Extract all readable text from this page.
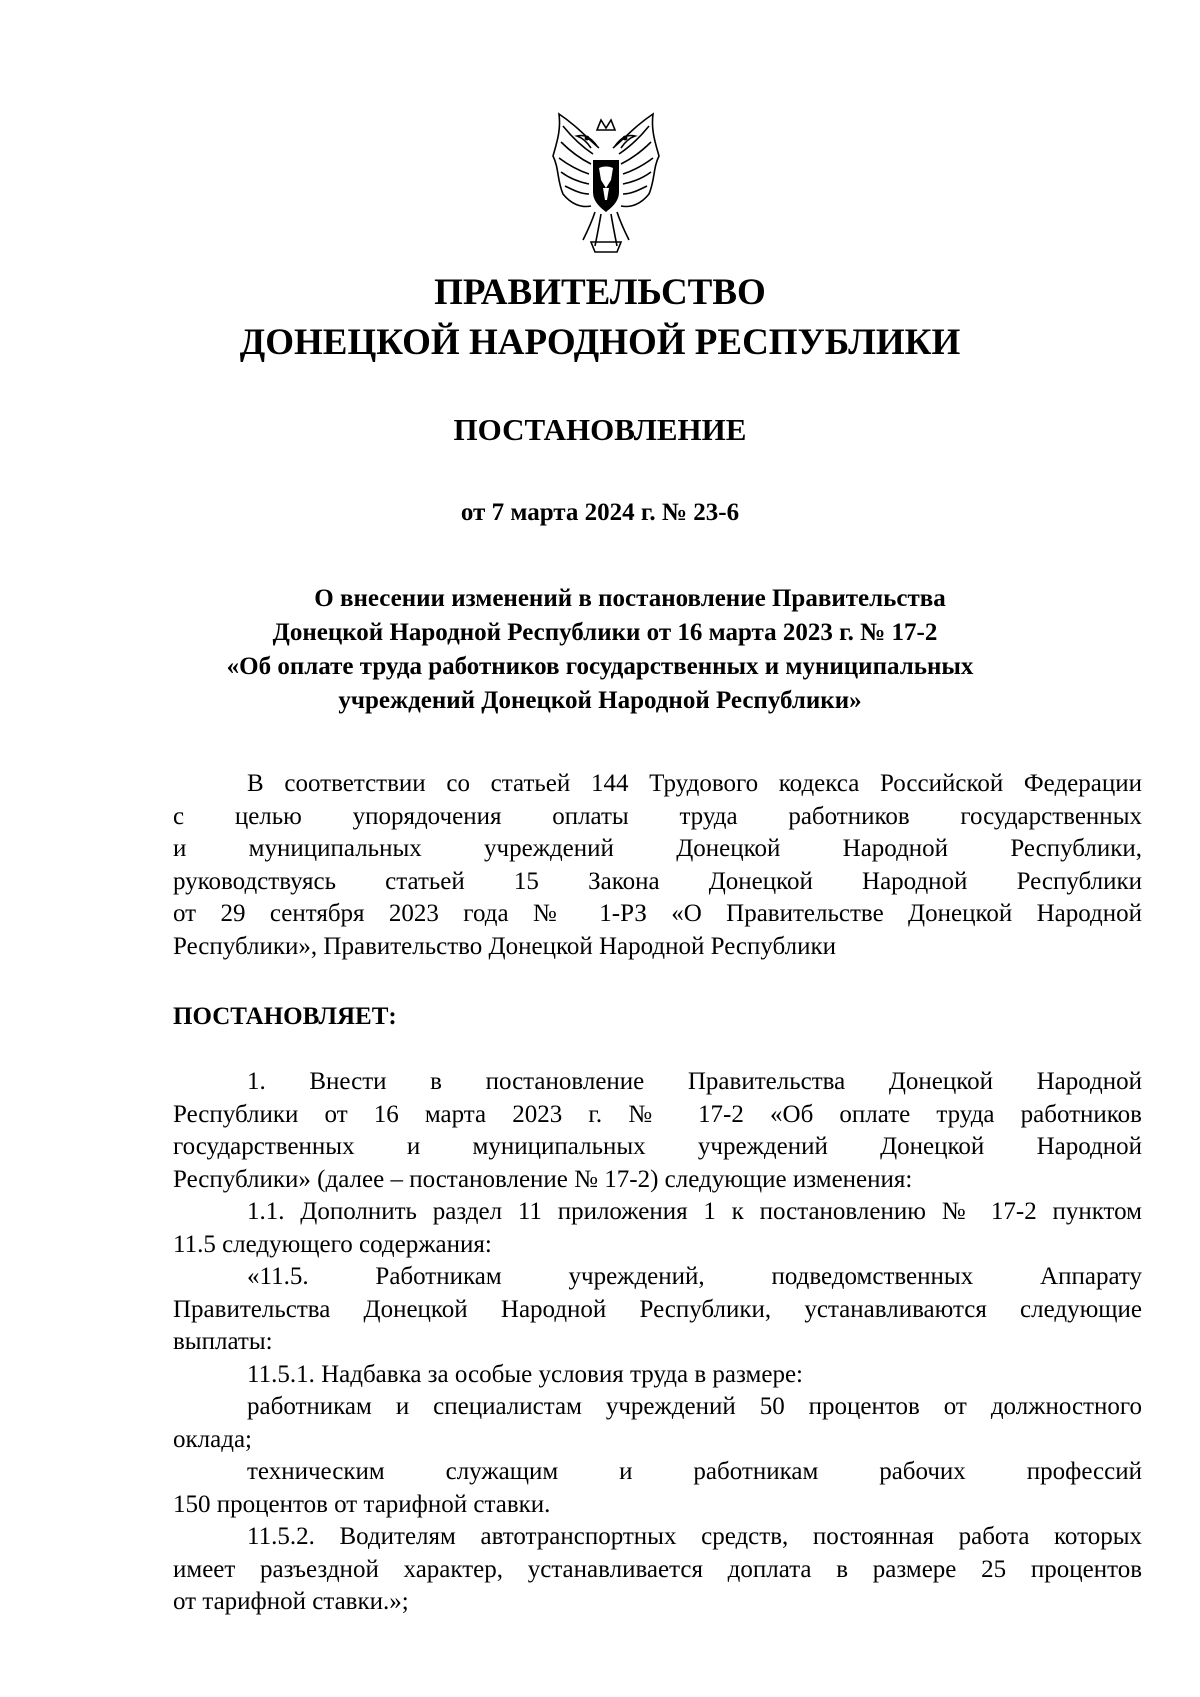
ПРАВИТЕЛЬСТВО
ДОНЕЦКОЙ НАРОДНОЙ РЕСПУБЛИКИ
ПОСТАНОВЛЕНИЕ
от 7 марта 2024 г. № 23-6
О внесении изменений в постановление Правительства
Донецкой Народной Республики от 16 марта 2023 г. № 17-2
«Об оплате труда работников государственных и муниципальных
учреждений Донецкой Народной Республики»
В соответствии со статьей 144 Трудового кодекса Российской Федерации
с целью упорядочения оплаты труда работников государственных
и муниципальных учреждений Донецкой Народной Республики,
руководствуясь статьей 15 Закона Донецкой Народной Республики
от 29 сентября 2023 года № 1-РЗ «О Правительстве Донецкой Народной
Республики», Правительство Донецкой Народной Республики
ПОСТАНОВЛЯЕТ:
1. Внести в постановление Правительства Донецкой Народной
Республики от 16 марта 2023 г. № 17-2 «Об оплате труда работников
государственных и муниципальных учреждений Донецкой Народной
Республики» (далее – постановление № 17-2) следующие изменения:
1.1. Дополнить раздел 11 приложения 1 к постановлению № 17-2 пунктом
11.5 следующего содержания:
«11.5. Работникам учреждений, подведомственных Аппарату
Правительства Донецкой Народной Республики, устанавливаются следующие
выплаты:
11.5.1. Надбавка за особые условия труда в размере:
работникам и специалистам учреждений 50 процентов от должностного
оклада;
техническим служащим и работникам рабочих профессий
150 процентов от тарифной ставки.
11.5.2. Водителям автотранспортных средств, постоянная работа которых
имеет разъездной характер, устанавливается доплата в размере 25 процентов
от тарифной ставки.»;
